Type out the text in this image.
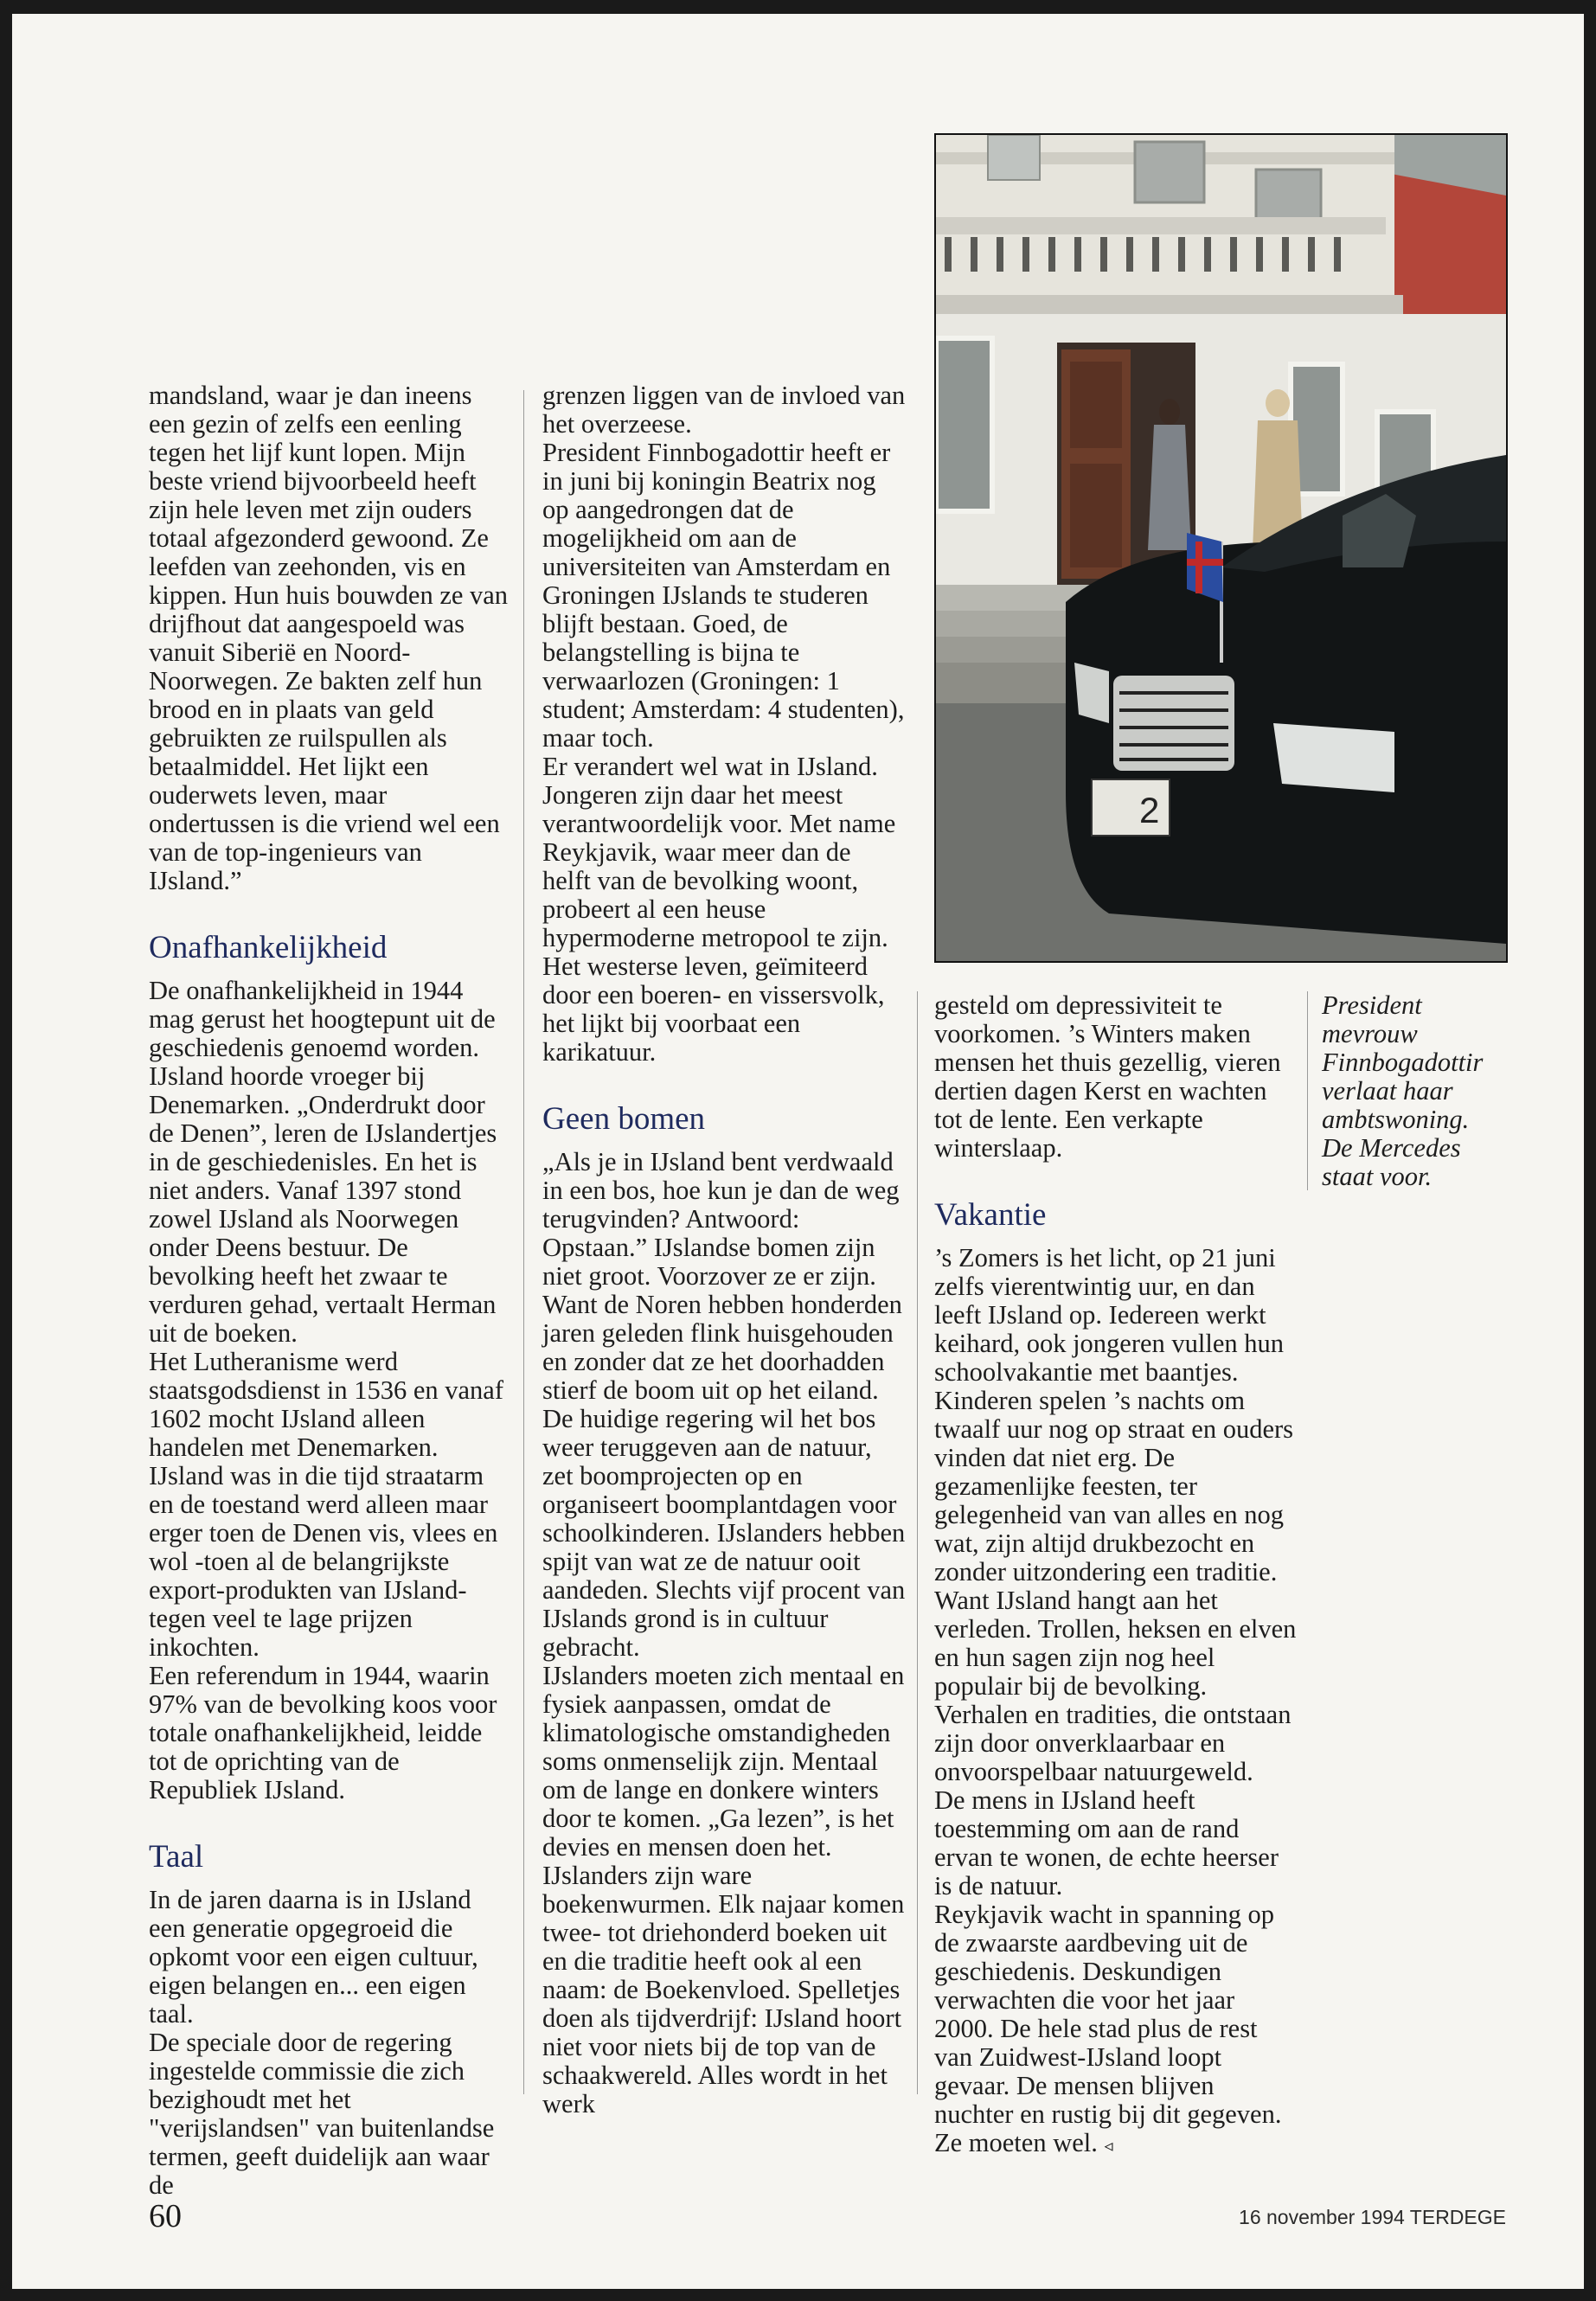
mandsland, waar je dan ineens een gezin of zelfs een eenling tegen het lijf kunt lopen. Mijn beste vriend bijvoorbeeld heeft zijn hele leven met zijn ouders totaal afgezonderd gewoond. Ze leefden van zeehonden, vis en kippen. Hun huis bouwden ze van drijfhout dat aangespoeld was vanuit Siberië en Noord-Noorwegen. Ze bakten zelf hun brood en in plaats van geld gebruikten ze ruilspullen als betaalmiddel. Het lijkt een ouderwets leven, maar ondertussen is die vriend wel een van de top-ingenieurs van IJsland.”

Onafhankelijkheid

De onafhankelijkheid in 1944 mag gerust het hoogtepunt uit de geschiedenis genoemd worden. IJsland hoorde vroeger bij Denemarken. „Onderdrukt door de Denen”, leren de IJslandertjes in de geschiedenisles. En het is niet anders. Vanaf 1397 stond zowel IJsland als Noorwegen onder Deens bestuur. De bevolking heeft het zwaar te verduren gehad, vertaalt Herman uit de boeken.

Het Lutheranisme werd staatsgodsdienst in 1536 en vanaf 1602 mocht IJsland alleen handelen met Denemarken. IJsland was in die tijd straatarm en de toestand werd alleen maar erger toen de Denen vis, vlees en wol -toen al de belangrijkste export-produkten van IJsland- tegen veel te lage prijzen inkochten.

Een referendum in 1944, waarin 97% van de bevolking koos voor totale onafhankelijkheid, leidde tot de oprichting van de Republiek IJsland.

Taal

In de jaren daarna is in IJsland een generatie opgegroeid die opkomt voor een eigen cultuur, eigen belangen en... een eigen taal.

De speciale door de regering ingestelde commissie die zich bezighoudt met het "verijslandsen" van buitenlandse termen, geeft duidelijk aan waar de

grenzen liggen van de invloed van het overzeese.

President Finnbogadottir heeft er in juni bij koningin Beatrix nog op aangedrongen dat de mogelijkheid om aan de universiteiten van Amsterdam en Groningen IJslands te studeren blijft bestaan. Goed, de belangstelling is bijna te verwaarlozen (Groningen: 1 student; Amsterdam: 4 studenten), maar toch.

Er verandert wel wat in IJsland. Jongeren zijn daar het meest verantwoordelijk voor. Met name Reykjavik, waar meer dan de helft van de bevolking woont, probeert al een heuse hypermoderne metropool te zijn. Het westerse leven, geïmiteerd door een boeren- en vissersvolk, het lijkt bij voorbaat een karikatuur.

Geen bomen

„Als je in IJsland bent verdwaald in een bos, hoe kun je dan de weg terugvinden? Antwoord: Opstaan.” IJslandse bomen zijn niet groot. Voorzover ze er zijn. Want de Noren hebben honderden jaren geleden flink huisgehouden en zonder dat ze het doorhadden stierf de boom uit op het eiland. De huidige regering wil het bos weer teruggeven aan de natuur, zet boomprojecten op en organiseert boomplantdagen voor schoolkinderen. IJslanders hebben spijt van wat ze de natuur ooit aandeden. Slechts vijf procent van IJslands grond is in cultuur gebracht.

IJslanders moeten zich mentaal en fysiek aanpassen, omdat de klimatologische omstandigheden soms onmenselijk zijn. Mentaal om de lange en donkere winters door te komen. „Ga lezen”, is het devies en mensen doen het. IJslanders zijn ware boekenwurmen. Elk najaar komen twee- tot driehonderd boeken uit en die traditie heeft ook al een naam: de Boekenvloed. Spelletjes doen als tijdverdrijf: IJsland hoort niet voor niets bij de top van de schaakwereld. Alles wordt in het werk

2

gesteld om depressiviteit te voorkomen. ’s Winters maken mensen het thuis gezellig, vieren dertien dagen Kerst en wachten tot de lente. Een verkapte winterslaap.

Vakantie

’s Zomers is het licht, op 21 juni zelfs vierentwintig uur, en dan leeft IJsland op. Iedereen werkt keihard, ook jongeren vullen hun schoolvakantie met baantjes. Kinderen spelen ’s nachts om twaalf uur nog op straat en ouders vinden dat niet erg. De gezamenlijke feesten, ter gelegenheid van van alles en nog wat, zijn altijd drukbezocht en zonder uitzondering een traditie. Want IJsland hangt aan het verleden. Trollen, heksen en elven en hun sagen zijn nog heel populair bij de bevolking. Verhalen en tradities, die ontstaan zijn door onverklaarbaar en onvoorspelbaar natuurgeweld.

De mens in IJsland heeft toestemming om aan de rand ervan te wonen, de echte heerser is de natuur.

Reykjavik wacht in spanning op de zwaarste aardbeving uit de geschiedenis. Deskundigen verwachten die voor het jaar 2000. De hele stad plus de rest van Zuidwest-IJsland loopt gevaar. De mensen blijven nuchter en rustig bij dit gegeven. Ze moeten wel. ◃

President mevrouw Finnbogadottir verlaat haar ambtswoning. De Mercedes staat voor.
60	16 november 1994 TERDEGE
